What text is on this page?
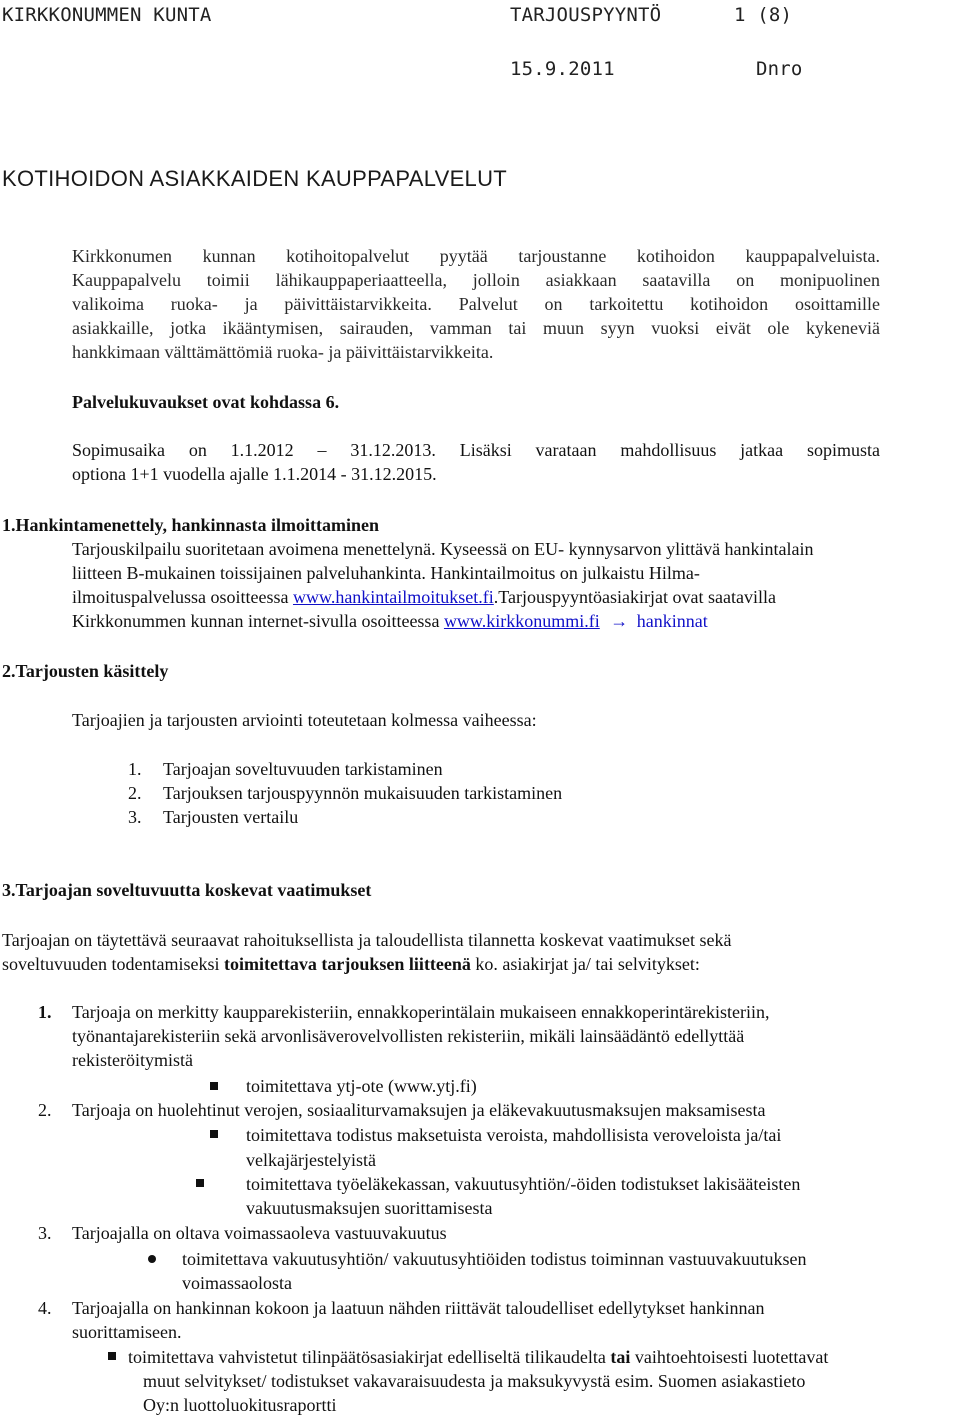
KIRKKONUMMEN KUNTA	TARJOUSPYYNTÖ	1 (8)
15.9.2011	Dnro
KOTIHOIDON ASIAKKAIDEN KAUPPAPALVELUT
Kirkkonumen kunnan kotihoitopalvelut pyytää tarjoustanne kotihoidon kauppapalveluista.
Kauppapalvelu toimii lähikauppaperiaatteella, jolloin asiakkaan saatavilla on monipuolinen
valikoima ruoka- ja päivittäistarvikkeita. Palvelut on tarkoitettu kotihoidon osoittamille
asiakkaille, jotka ikääntymisen, sairauden, vamman tai muun syyn vuoksi eivät ole kykeneviä
hankkimaan välttämättömiä ruoka- ja päivittäistarvikkeita.
Palvelukuvaukset ovat kohdassa 6.
Sopimusaika on 1.1.2012 – 31.12.2013. Lisäksi varataan mahdollisuus jatkaa sopimusta
optiona 1+1 vuodella ajalle 1.1.2014 - 31.12.2015.
1.Hankintamenettely, hankinnasta ilmoittaminen
Tarjouskilpailu suoritetaan avoimena menettelynä. Kyseessä on EU- kynnysarvon ylittävä hankintalain
liitteen B-mukainen toissijainen palveluhankinta. Hankintailmoitus on julkaistu Hilma-
ilmoituspalvelussa osoitteessa www.hankintailmoitukset.fi.Tarjouspyyntöasiakirjat ovat saatavilla
Kirkkonummen kunnan internet-sivulla osoitteessa www.kirkkonummi.fi → hankinnat
2.Tarjousten käsittely
Tarjoajien ja tarjousten arviointi toteutetaan kolmessa vaiheessa:
1. Tarjoajan soveltuvuuden tarkistaminen
2. Tarjouksen tarjouspyynnön mukaisuuden tarkistaminen
3. Tarjousten vertailu
3.Tarjoajan soveltuvuutta koskevat vaatimukset
Tarjoajan on täytettävä seuraavat rahoituksellista ja taloudellista tilannetta koskevat vaatimukset sekä
soveltuvuuden todentamiseksi toimitettava tarjouksen liitteenä ko. asiakirjat ja/ tai selvitykset:
1. Tarjoaja on merkitty kaupparekisteriin, ennakkoperintälain mukaiseen ennakkoperintärekisteriin,
työnantajarekisteriin sekä arvonlisäverovelvollisten rekisteriin, mikäli lainsäädäntö edellyttää
rekisteröitymistä
toimitettava ytj-ote (www.ytj.fi)
2. Tarjoaja on huolehtinut verojen, sosiaaliturvamaksujen ja eläkevakuutusmaksujen maksamisesta
toimitettava todistus maksetuista veroista, mahdollisista veroveloista ja/tai
velkajärjestelyistä
toimitettava työeläkekassan, vakuutusyhtiön/-öiden todistukset lakisääteisten
vakuutusmaksujen suorittamisesta
3. Tarjoajalla on oltava voimassaoleva vastuuvakuutus
toimitettava vakuutusyhtiön/ vakuutusyhtiöiden todistus toiminnan vastuuvakuutuksen
voimassaolosta
4. Tarjoajalla on hankinnan kokoon ja laatuun nähden riittävät taloudelliset edellytykset hankinnan
suorittamiseen.
toimitettava vahvistetut tilinpäätösasiakirjat edelliseltä tilikaudelta tai vaihtoehtoisesti luotettavat
muut selvitykset/ todistukset vakavaraisuudesta ja maksukyvystä esim. Suomen asiakastieto
Oy:n luottoluokitusraportti
